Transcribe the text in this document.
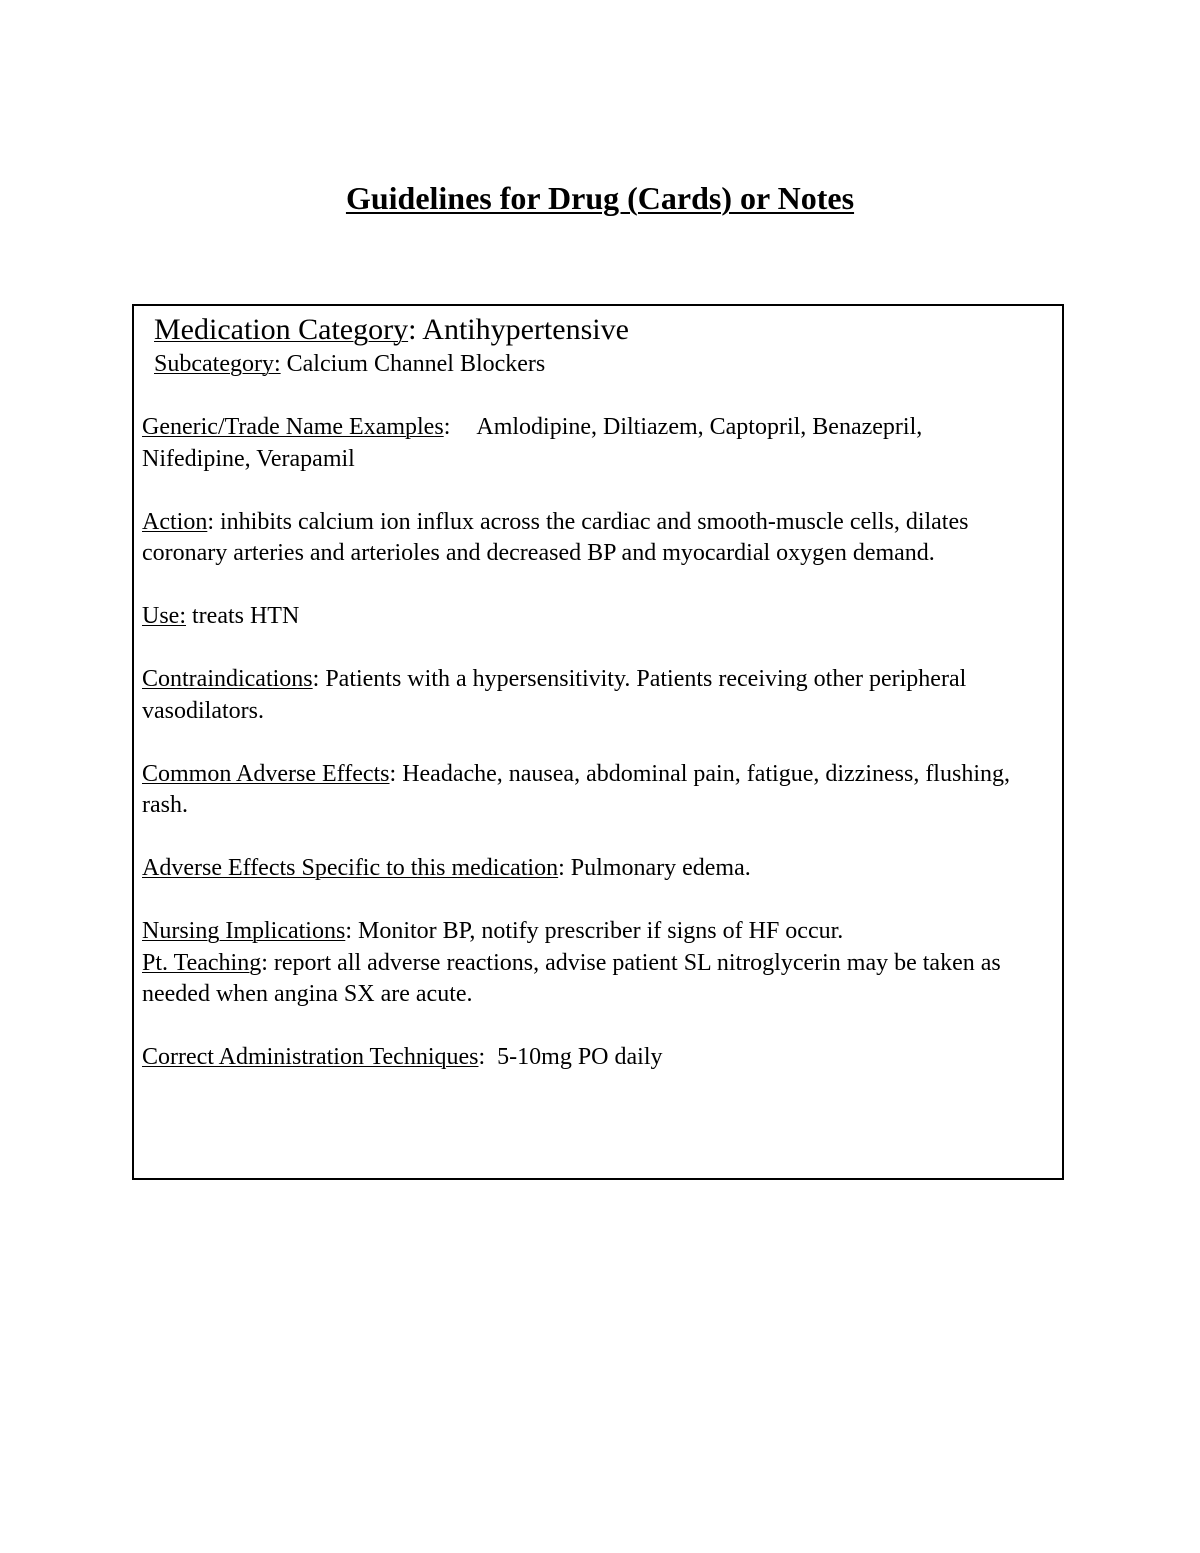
Guidelines for Drug (Cards) or Notes

Medication Category: Antihypertensive

Subcategory: Calcium Channel Blockers

Generic/Trade Name Examples: Amlodipine, Diltiazem, Captopril, Benazepril, Nifedipine, Verapamil

Action: inhibits calcium ion influx across the cardiac and smooth-muscle cells, dilates coronary arteries and arterioles and decreased BP and myocardial oxygen demand.

Use: treats HTN

Contraindications: Patients with a hypersensitivity. Patients receiving other peripheral vasodilators.

Common Adverse Effects: Headache, nausea, abdominal pain, fatigue, dizziness, flushing, rash.

Adverse Effects Specific to this medication: Pulmonary edema.

Nursing Implications: Monitor BP, notify prescriber if signs of HF occur.

Pt. Teaching: report all adverse reactions, advise patient SL nitroglycerin may be taken as needed when angina SX are acute.

Correct Administration Techniques:  5-10mg PO daily
